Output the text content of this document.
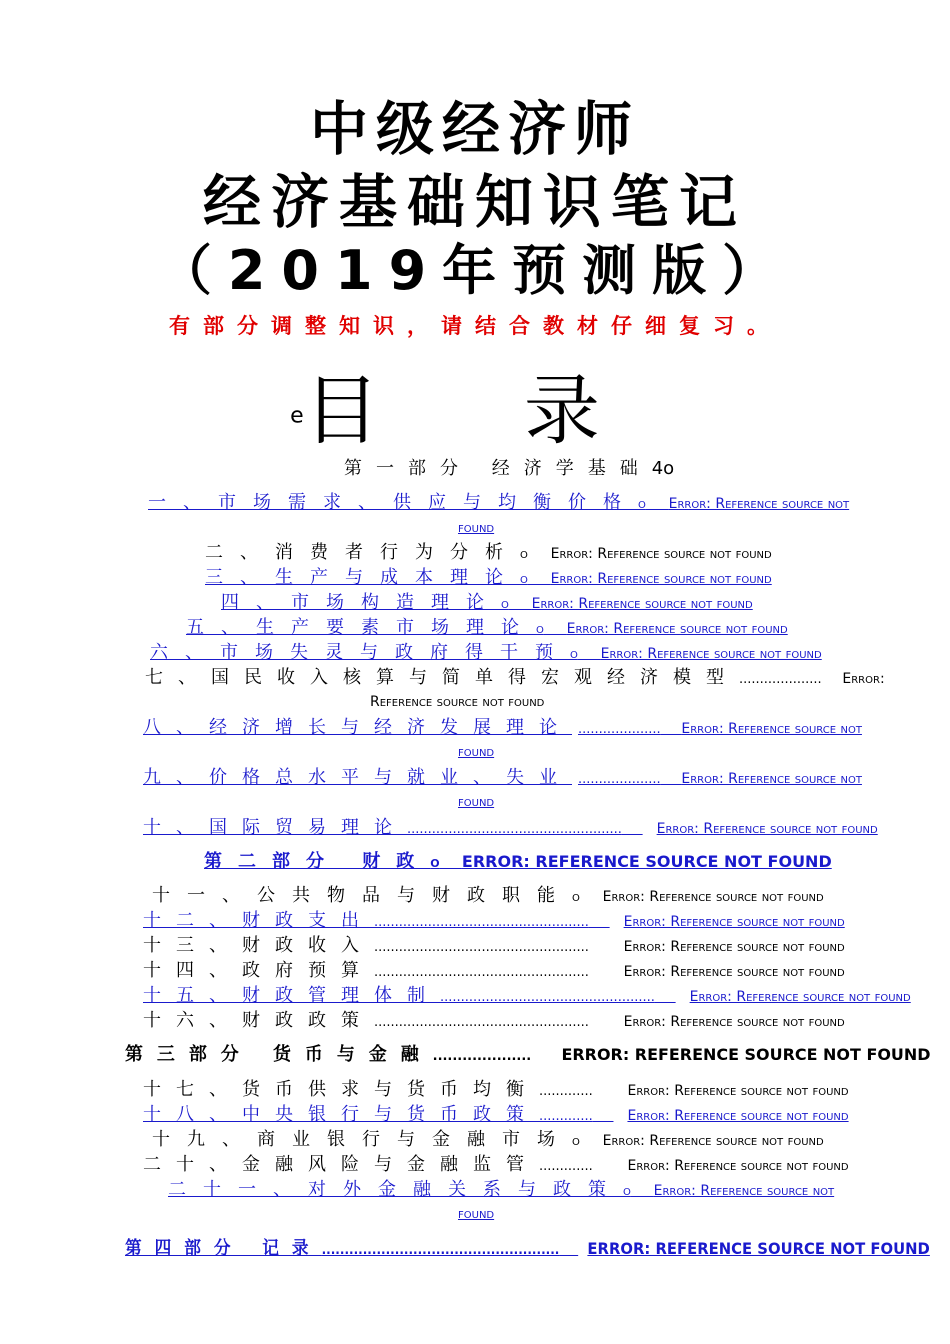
中级经济师
经济基础知识笔记
（2019年预测版）
有部分调整知识，请结合教材仔细复习。
e目 录
第一部分 经济学基础4o
一、市场需求、供应与均衡价格o Error: Reference source not
found
二、消费者行为分析o Error: Reference source not found
三、生产与成本理论o Error: Reference source not found
四、市场构造理论o Error: Reference source not found
五、生产要素市场理论o Error: Reference source not found
六、市场失灵与政府得干预o Error: Reference source not found
七、国民收入核算与简单得宏观经济模型.................... Error:
Reference source not found
八、经济增长与经济发展理论 .................... Error: Reference source not
found
九、价格总水平与就业、失业 .................... Error: Reference source not
found
十、国际贸易理论.................................................... Error: Reference source not found
第二部分 财政o ERROR: REFERENCE SOURCE NOT FOUND
十一、公共物品与财政职能o Error: Reference source not found
十二、财政支出.................................................... Error: Reference source not found
十三、财政收入.................................................... Error: Reference source not found
十四、政府预算.................................................... Error: Reference source not found
十五、财政管理体制.................................................... Error: Reference source not found
十六、财政政策.................................................... Error: Reference source not found
第三部分 货币与金融.................... ERROR: REFERENCE SOURCE NOT FOUND
十七、货币供求与货币均衡............. Error: Reference source not found
十八、中央银行与货币政策............. Error: Reference source not found
十九、商业银行与金融市场o Error: Reference source not found
二十、金融风险与金融监管............. Error: Reference source not found
二十一、对外金融关系与政策o Error: Reference source not
found
第四部分 记录.................................................... ERROR: REFERENCE SOURCE NOT FOUND
